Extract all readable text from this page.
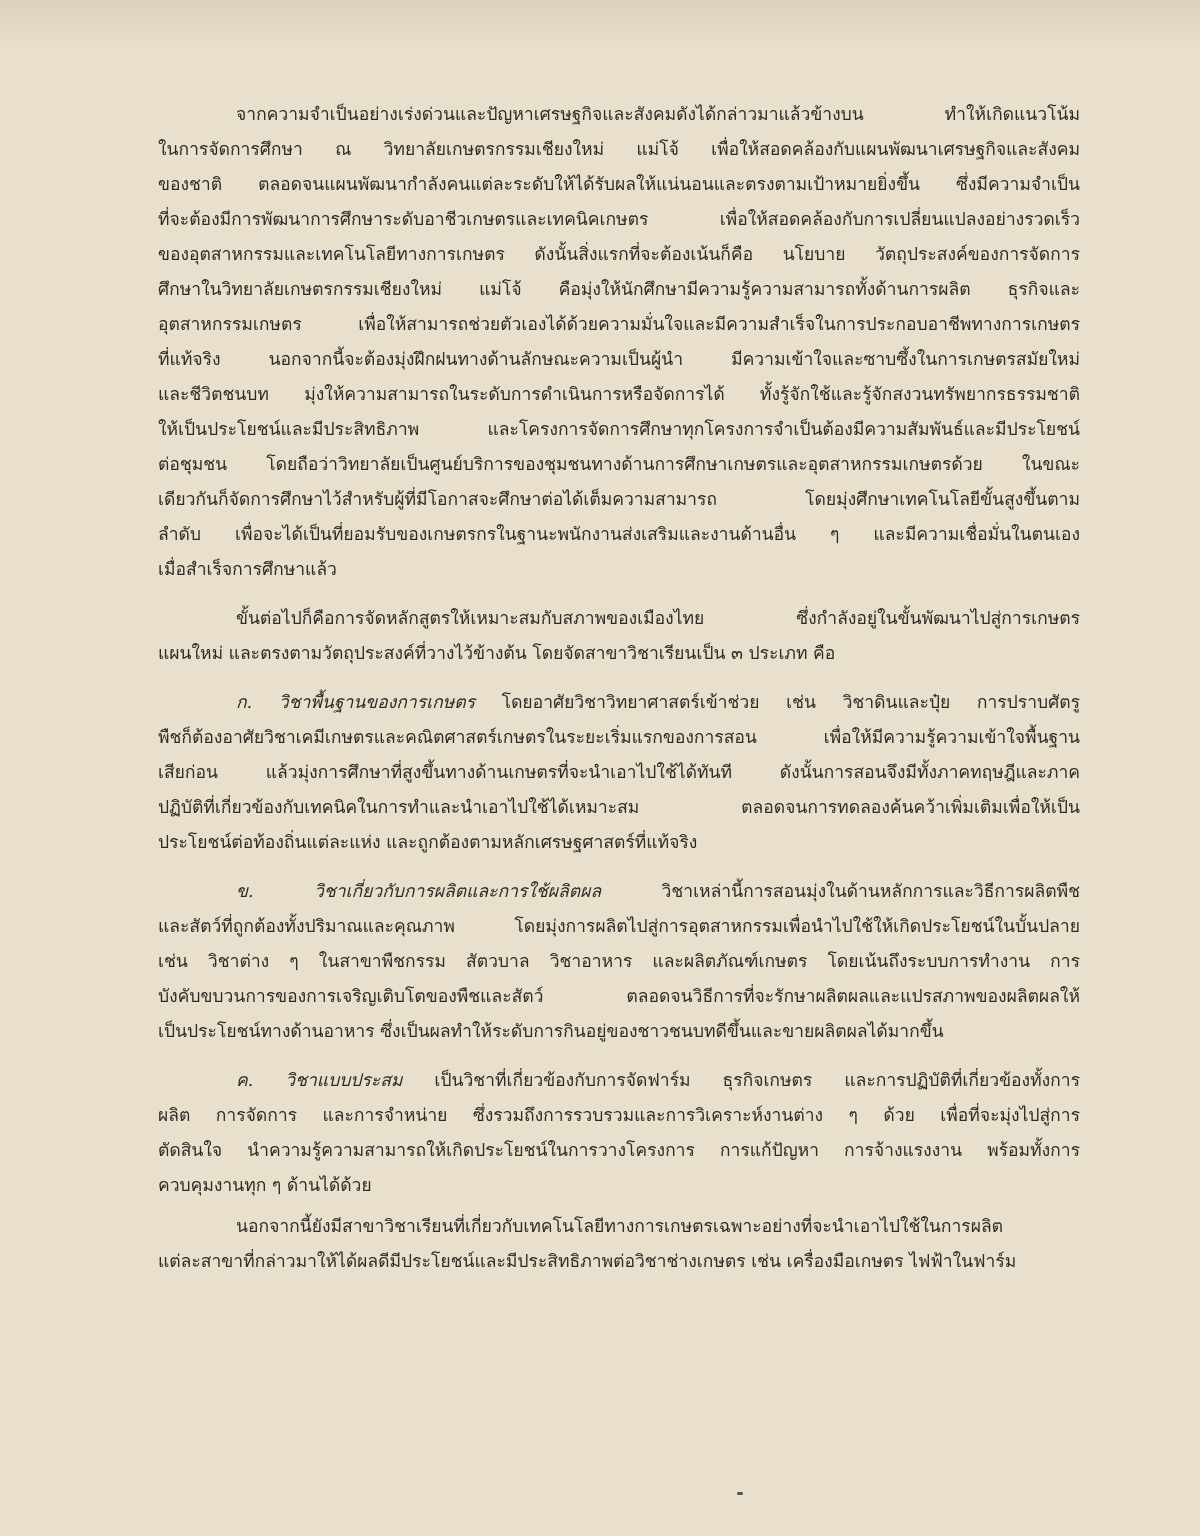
จากความจำเป็นอย่างเร่งด่วนและปัญหาเศรษฐกิจและสังคมดังได้กล่าวมาแล้วข้างบน ทำให้เกิดแนวโน้ม
ในการจัดการศึกษา ณ วิทยาลัยเกษตรกรรมเชียงใหม่ แม่โจ้ เพื่อให้สอดคล้องกับแผนพัฒนาเศรษฐกิจและสังคม
ของชาติ ตลอดจนแผนพัฒนากำลังคนแต่ละระดับให้ได้รับผลให้แน่นอนและตรงตามเป้าหมายยิ่งขึ้น ซึ่งมีความจำเป็น
ที่จะต้องมีการพัฒนาการศึกษาระดับอาชีวเกษตรและเทคนิคเกษตร เพื่อให้สอดคล้องกับการเปลี่ยนแปลงอย่างรวดเร็ว
ของอุตสาหกรรมและเทคโนโลยีทางการเกษตร ดังนั้นสิ่งแรกที่จะต้องเน้นก็คือ นโยบาย วัตถุประสงค์ของการจัดการ
ศึกษาในวิทยาลัยเกษตรกรรมเชียงใหม่ แม่โจ้ คือมุ่งให้นักศึกษามีความรู้ความสามารถทั้งด้านการผลิต ธุรกิจและ
อุตสาหกรรมเกษตร เพื่อให้สามารถช่วยตัวเองได้ด้วยความมั่นใจและมีความสำเร็จในการประกอบอาชีพทางการเกษตร
ที่แท้จริง นอกจากนี้จะต้องมุ่งฝึกฝนทางด้านลักษณะความเป็นผู้นำ มีความเข้าใจและซาบซึ้งในการเกษตรสมัยใหม่
และชีวิตชนบท มุ่งให้ความสามารถในระดับการดำเนินการหรือจัดการได้ ทั้งรู้จักใช้และรู้จักสงวนทรัพยากรธรรมชาติ
ให้เป็นประโยชน์และมีประสิทธิภาพ และโครงการจัดการศึกษาทุกโครงการจำเป็นต้องมีความสัมพันธ์และมีประโยชน์
ต่อชุมชน โดยถือว่าวิทยาลัยเป็นศูนย์บริการของชุมชนทางด้านการศึกษาเกษตรและอุตสาหกรรมเกษตรด้วย ในขณะ
เดียวกันก็จัดการศึกษาไว้สำหรับผู้ที่มีโอกาสจะศึกษาต่อได้เต็มความสามารถ โดยมุ่งศึกษาเทคโนโลยีขั้นสูงขึ้นตาม
ลำดับ เพื่อจะได้เป็นที่ยอมรับของเกษตรกรในฐานะพนักงานส่งเสริมและงานด้านอื่น ๆ และมีความเชื่อมั่นในตนเอง
เมื่อสำเร็จการศึกษาแล้ว
ขั้นต่อไปก็คือการจัดหลักสูตรให้เหมาะสมกับสภาพของเมืองไทย ซึ่งกำลังอยู่ในขั้นพัฒนาไปสู่การเกษตร
แผนใหม่ และตรงตามวัตถุประสงค์ที่วางไว้ข้างต้น โดยจัดสาขาวิชาเรียนเป็น ๓ ประเภท คือ
ก. วิชาพื้นฐานของการเกษตร โดยอาศัยวิชาวิทยาศาสตร์เข้าช่วย เช่น วิชาดินและปุ๋ย การปราบศัตรู
พืชก็ต้องอาศัยวิชาเคมีเกษตรและคณิตศาสตร์เกษตรในระยะเริ่มแรกของการสอน เพื่อให้มีความรู้ความเข้าใจพื้นฐาน
เสียก่อน แล้วมุ่งการศึกษาที่สูงขึ้นทางด้านเกษตรที่จะนำเอาไปใช้ได้ทันที ดังนั้นการสอนจึงมีทั้งภาคทฤษฎีและภาค
ปฏิบัติที่เกี่ยวข้องกับเทคนิคในการทำและนำเอาไปใช้ได้เหมาะสม ตลอดจนการทดลองค้นคว้าเพิ่มเติมเพื่อให้เป็น
ประโยชน์ต่อท้องถิ่นแต่ละแห่ง และถูกต้องตามหลักเศรษฐศาสตร์ที่แท้จริง
ข. วิชาเกี่ยวกับการผลิตและการใช้ผลิตผล วิชาเหล่านี้การสอนมุ่งในด้านหลักการและวิธีการผลิตพืช
และสัตว์ที่ถูกต้องทั้งปริมาณและคุณภาพ โดยมุ่งการผลิตไปสู่การอุตสาหกรรมเพื่อนำไปใช้ให้เกิดประโยชน์ในบั้นปลาย
เช่น วิชาต่าง ๆ ในสาขาพืชกรรม สัตวบาล วิชาอาหาร และผลิตภัณฑ์เกษตร โดยเน้นถึงระบบการทำงาน การ
บังคับขบวนการของการเจริญเติบโตของพืชและสัตว์ ตลอดจนวิธีการที่จะรักษาผลิตผลและแปรสภาพของผลิตผลให้
เป็นประโยชน์ทางด้านอาหาร ซึ่งเป็นผลทำให้ระดับการกินอยู่ของชาวชนบทดีขึ้นและขายผลิตผลได้มากขึ้น
ค. วิชาแบบประสม เป็นวิชาที่เกี่ยวข้องกับการจัดฟาร์ม ธุรกิจเกษตร และการปฏิบัติที่เกี่ยวข้องทั้งการ
ผลิต การจัดการ และการจำหน่าย ซึ่งรวมถึงการรวบรวมและการวิเคราะห์งานต่าง ๆ ด้วย เพื่อที่จะมุ่งไปสู่การ
ตัดสินใจ นำความรู้ความสามารถให้เกิดประโยชน์ในการวางโครงการ การแก้ปัญหา การจ้างแรงงาน พร้อมทั้งการ
ควบคุมงานทุก ๆ ด้านได้ด้วย
นอกจากนี้ยังมีสาขาวิชาเรียนที่เกี่ยวกับเทคโนโลยีทางการเกษตรเฉพาะอย่างที่จะนำเอาไปใช้ในการผลิต
แต่ละสาขาที่กล่าวมาให้ได้ผลดีมีประโยชน์และมีประสิทธิภาพต่อวิชาช่างเกษตร เช่น เครื่องมือเกษตร ไฟฟ้าในฟาร์ม
